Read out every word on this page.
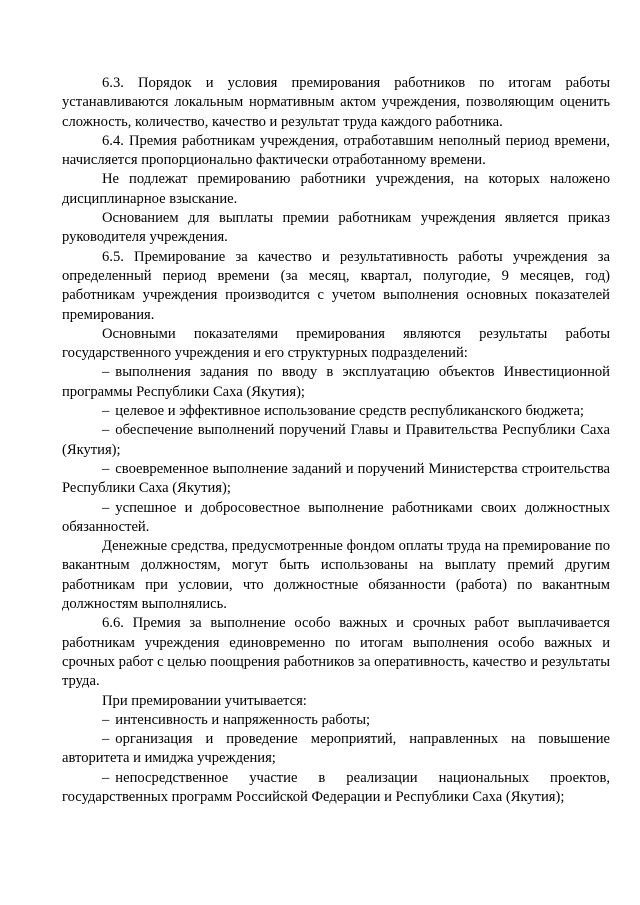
6.3. Порядок и условия премирования работников по итогам работы устанавливаются локальным нормативным актом учреждения, позволяющим оценить сложность, количество, качество и результат труда каждого работника.

6.4. Премия работникам учреждения, отработавшим неполный период времени, начисляется пропорционально фактически отработанному времени.

Не подлежат премированию работники учреждения, на которых наложено дисциплинарное взыскание.

Основанием для выплаты премии работникам учреждения является приказ руководителя учреждения.

6.5. Премирование за качество и результативность работы учреждения за определенный период времени (за месяц, квартал, полугодие, 9 месяцев, год) работникам учреждения производится с учетом выполнения основных показателей премирования.

Основными показателями премирования являются результаты работы государственного учреждения и его структурных подразделений:

– выполнения задания по вводу в эксплуатацию объектов Инвестиционной программы Республики Саха (Якутия);

– целевое и эффективное использование средств республиканского бюджета;

– обеспечение выполнений поручений Главы и Правительства Республики Саха (Якутия);

– своевременное выполнение заданий и поручений Министерства строительства Республики Саха (Якутия);

– успешное и добросовестное выполнение работниками своих должностных обязанностей.

Денежные средства, предусмотренные фондом оплаты труда на премирование по вакантным должностям, могут быть использованы на выплату премий другим работникам при условии, что должностные обязанности (работа) по вакантным должностям выполнялись.

6.6. Премия за выполнение особо важных и срочных работ выплачивается работникам учреждения единовременно по итогам выполнения особо важных и срочных работ с целью поощрения работников за оперативность, качество и результаты труда.

При премировании учитывается:

– интенсивность и напряженность работы;

– организация и проведение мероприятий, направленных на повышение авторитета и имиджа учреждения;

– непосредственное участие в реализации национальных проектов, государственных программ Российской Федерации и Республики Саха (Якутия);
